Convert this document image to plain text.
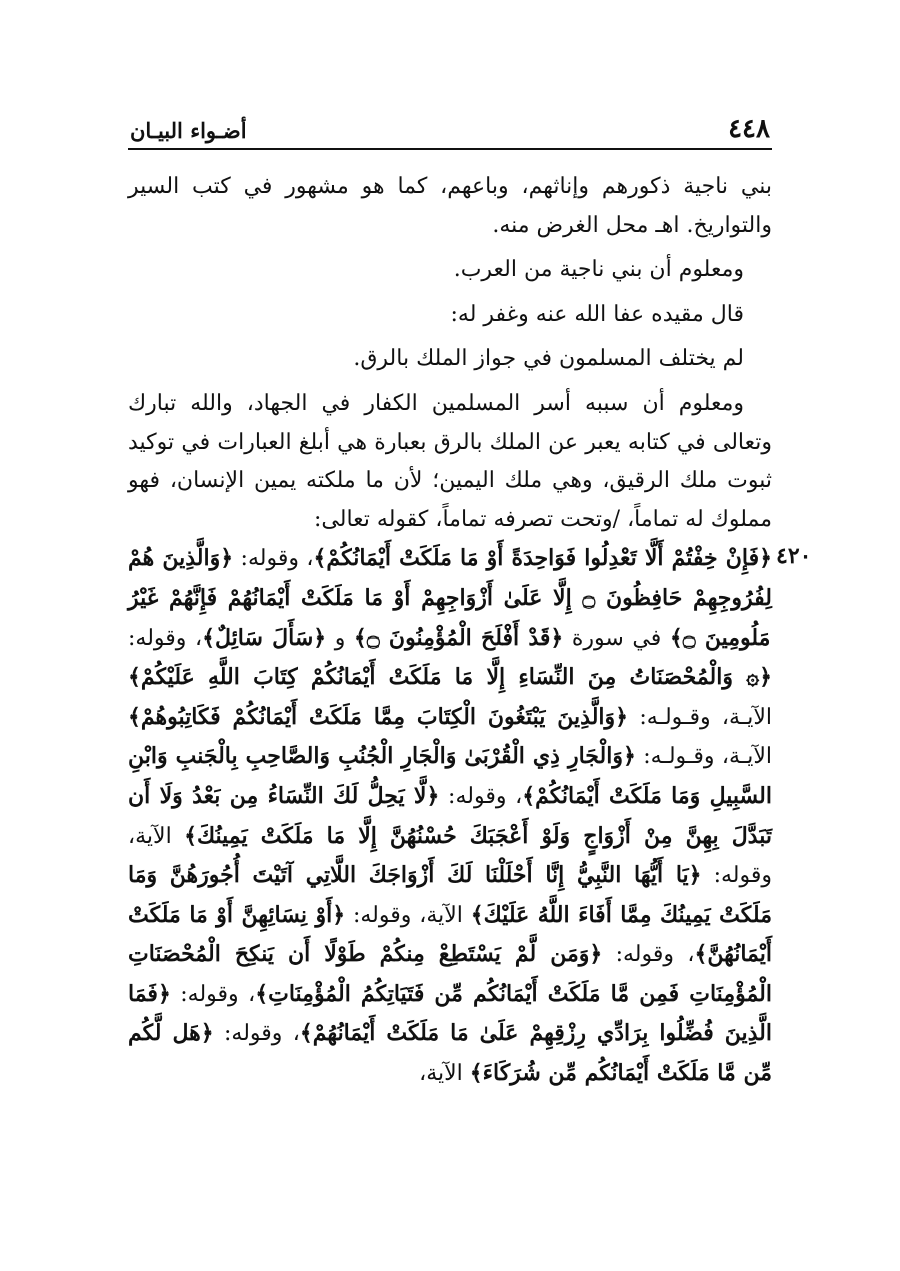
٤٤٨
أضـواء البيـان
٤٢٠

بني ناجية ذكورهم وإناثهم، وباعهم، كما هو مشهور في كتب السير والتواريخ. اهـ محل الغرض منه.

ومعلوم أن بني ناجية من العرب.

قال مقيده عفا الله عنه وغفر له:

لم يختلف المسلمون في جواز الملك بالرق.

ومعلوم أن سببه أسر المسلمين الكفار في الجهاد، والله تبارك وتعالى في كتابه يعبر عن الملك بالرق بعبارة هي أبلغ العبارات في توكيد ثبوت ملك الرقيق، وهي ملك اليمين؛ لأن ما ملكته يمين الإنسان، فهو مملوك له تماماً، /وتحت تصرفه تماماً، كقوله تعالى:

﴿فَإِنْ خِفْتُمْ أَلَّا تَعْدِلُوا فَوَاحِدَةً أَوْ مَا مَلَكَتْ أَيْمَانُكُمْ﴾، وقوله: ﴿وَالَّذِينَ هُمْ لِفُرُوجِهِمْ حَافِظُونَ ۝ إِلَّا عَلَىٰ أَزْوَاجِهِمْ أَوْ مَا مَلَكَتْ أَيْمَانُهُمْ فَإِنَّهُمْ غَيْرُ مَلُومِينَ ۝﴾ في سورة ﴿قَدْ أَفْلَحَ الْمُؤْمِنُونَ ۝﴾ و ﴿سَأَلَ سَائِلٌ﴾، وقوله: ﴿۞ وَالْمُحْصَنَاتُ مِنَ النِّسَاءِ إِلَّا مَا مَلَكَتْ أَيْمَانُكُمْ كِتَابَ اللَّهِ عَلَيْكُمْ﴾ الآيـة، وقـولـه: ﴿وَالَّذِينَ يَبْتَغُونَ الْكِتَابَ مِمَّا مَلَكَتْ أَيْمَانُكُمْ فَكَاتِبُوهُمْ﴾ الآيـة، وقـولـه: ﴿وَالْجَارِ ذِي الْقُرْبَىٰ وَالْجَارِ الْجُنُبِ وَالصَّاحِبِ بِالْجَنبِ وَابْنِ السَّبِيلِ وَمَا مَلَكَتْ أَيْمَانُكُمْ﴾، وقوله: ﴿لَّا يَحِلُّ لَكَ النِّسَاءُ مِن بَعْدُ وَلَا أَن تَبَدَّلَ بِهِنَّ مِنْ أَزْوَاجٍ وَلَوْ أَعْجَبَكَ حُسْنُهُنَّ إِلَّا مَا مَلَكَتْ يَمِينُكَ﴾ الآية، وقوله: ﴿يَا أَيُّهَا النَّبِيُّ إِنَّا أَحْلَلْنَا لَكَ أَزْوَاجَكَ اللَّاتِي آتَيْتَ أُجُورَهُنَّ وَمَا مَلَكَتْ يَمِينُكَ مِمَّا أَفَاءَ اللَّهُ عَلَيْكَ﴾ الآية، وقوله: ﴿أَوْ نِسَائِهِنَّ أَوْ مَا مَلَكَتْ أَيْمَانُهُنَّ﴾، وقوله: ﴿وَمَن لَّمْ يَسْتَطِعْ مِنكُمْ طَوْلًا أَن يَنكِحَ الْمُحْصَنَاتِ الْمُؤْمِنَاتِ فَمِن مَّا مَلَكَتْ أَيْمَانُكُم مِّن فَتَيَاتِكُمُ الْمُؤْمِنَاتِ﴾، وقوله: ﴿فَمَا الَّذِينَ فُضِّلُوا بِرَادِّي رِزْقِهِمْ عَلَىٰ مَا مَلَكَتْ أَيْمَانُهُمْ﴾، وقوله: ﴿هَل لَّكُم مِّن مَّا مَلَكَتْ أَيْمَانُكُم مِّن شُرَكَاءَ﴾ الآية،
